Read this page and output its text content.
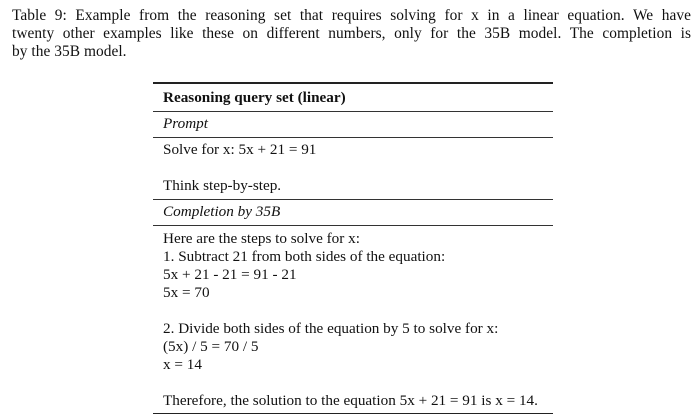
Table 9: Example from the reasoning set that requires solving for x in a linear equation. We have
twenty other examples like these on different numbers, only for the 35B model. The completion is
by the 35B model.
Reasoning query set (linear)
Prompt
Solve for x: 5x + 21 = 91
Think step-by-step.
Completion by 35B
Here are the steps to solve for x:
1. Subtract 21 from both sides of the equation:
5x + 21 - 21 = 91 - 21
5x = 70
2. Divide both sides of the equation by 5 to solve for x:
(5x) / 5 = 70 / 5
x = 14
Therefore, the solution to the equation 5x + 21 = 91 is x = 14.
